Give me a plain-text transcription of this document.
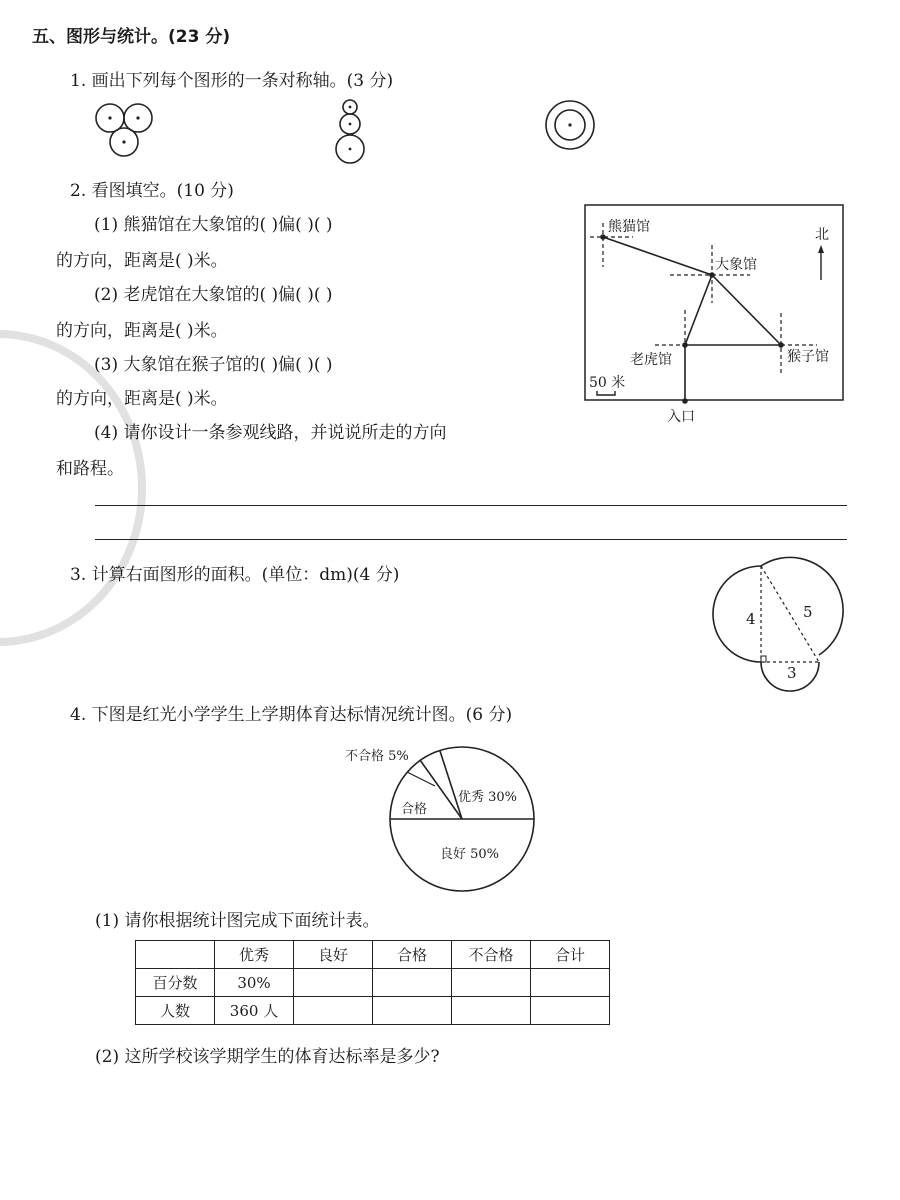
五、图形与统计。(23 分)
1. 画出下列每个图形的一条对称轴。(3 分)
2. 看图填空。(10 分)
(1) 熊猫馆在大象馆的( )偏( )( )
的方向，距离是( )米。
(2) 老虎馆在大象馆的( )偏( )( )
的方向，距离是( )米。
(3) 大象馆在猴子馆的( )偏( )( )
的方向，距离是( )米。
(4) 请你设计一条参观线路，并说说所走的方向
和路程。
熊猫馆
大象馆
老虎馆	猴子馆
入口
北
50 米
3. 计算右面图形的面积。(单位：dm)(4 分)
4
3
5
4. 下图是红光小学学生上学期体育达标情况统计图。(6 分)
不合格 5%
合格
优秀 30%
良好 50%
(1) 请你根据统计图完成下面统计表。
	优秀	良好	合格	不合格	合计
百分数	30%				
人数	360 人				
(2) 这所学校该学期学生的体育达标率是多少?
